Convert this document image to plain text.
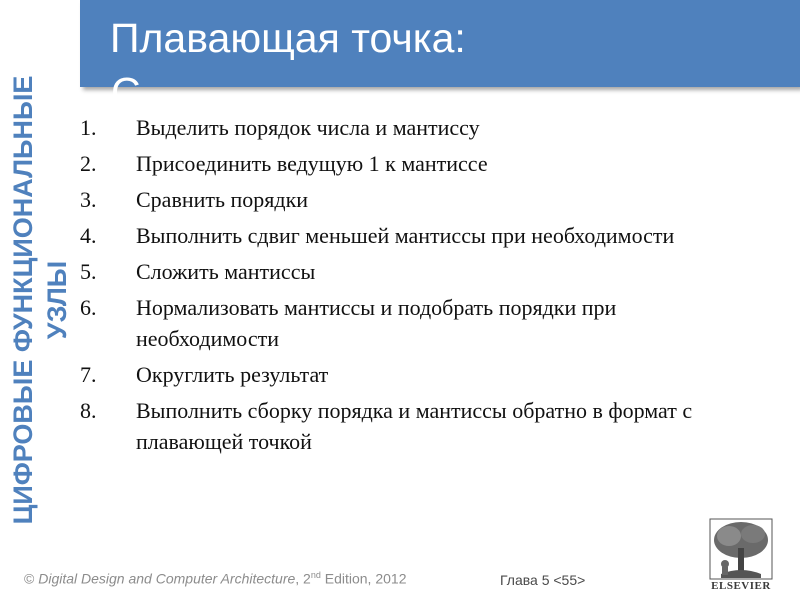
Плавающая точка:
С
ЦИФРОВЫЕ ФУНКЦИОНАЛЬНЫЕ УЗЛЫ
1. Выделить порядок числа и мантиссу
2. Присоединить ведущую 1 к мантиссе
3. Сравнить порядки
4. Выполнить сдвиг меньшей мантиссы при необходимости
5. Сложить мантиссы
6. Нормализовать мантиссы и подобрать порядки при необходимости
7. Округлить результат
8. Выполнить сборку порядка и мантиссы обратно в формат с плавающей точкой
© Digital Design and Computer Architecture, 2nd Edition, 2012	Глава 5 <55>	ELSEVIER
